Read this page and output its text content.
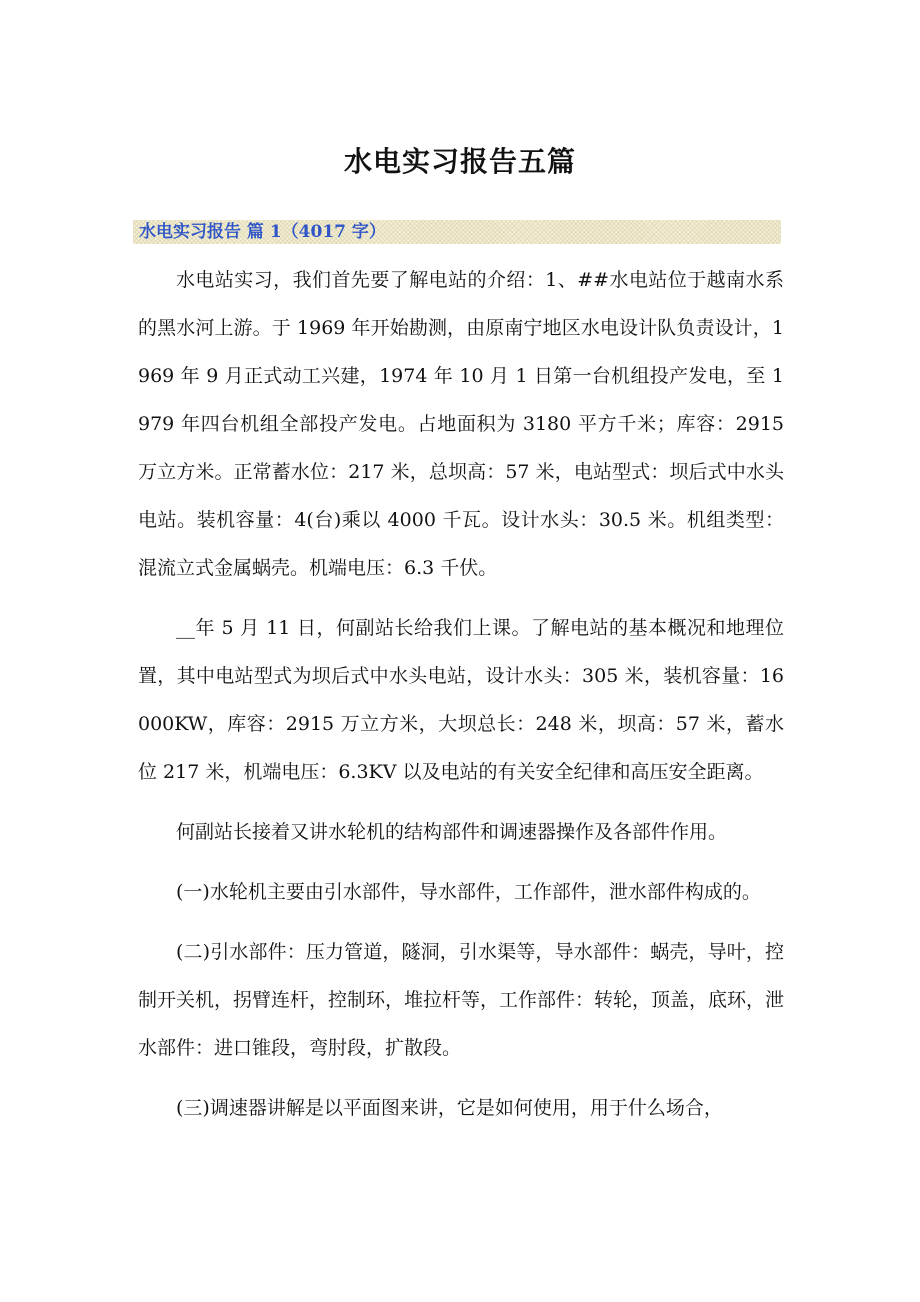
水电实习报告五篇
水电实习报告 篇 1（4017 字）

水电站实习，我们首先要了解电站的介绍：1、##水电站位于越南水系的黑水河上游。于 1969 年开始勘测，由原南宁地区水电设计队负责设计，1969 年 9 月正式动工兴建，1974 年 10 月 1 日第一台机组投产发电，至 1979 年四台机组全部投产发电。占地面积为 3180 平方千米；库容：2915 万立方米。正常蓄水位：217 米，总坝高：57 米，电站型式：坝后式中水头电站。装机容量：4(台)乘以 4000 千瓦。设计水头：30.5 米。机组类型：混流立式金属蜗壳。机端电压：6.3 千伏。

__年 5 月 11 日，何副站长给我们上课。了解电站的基本概况和地理位置，其中电站型式为坝后式中水头电站，设计水头：305 米，装机容量：16000KW，库容：2915 万立方米，大坝总长：248 米，坝高：57 米，蓄水位 217 米，机端电压：6.3KV 以及电站的有关安全纪律和高压安全距离。

何副站长接着又讲水轮机的结构部件和调速器操作及各部件作用。

(一)水轮机主要由引水部件，导水部件，工作部件，泄水部件构成的。

(二)引水部件：压力管道，隧洞，引水渠等，导水部件：蜗壳，导叶，控制开关机，拐臂连杆，控制环，堆拉杆等，工作部件：转轮，顶盖，底环，泄水部件：进口锥段，弯肘段，扩散段。

(三)调速器讲解是以平面图来讲，它是如何使用，用于什么场合，
